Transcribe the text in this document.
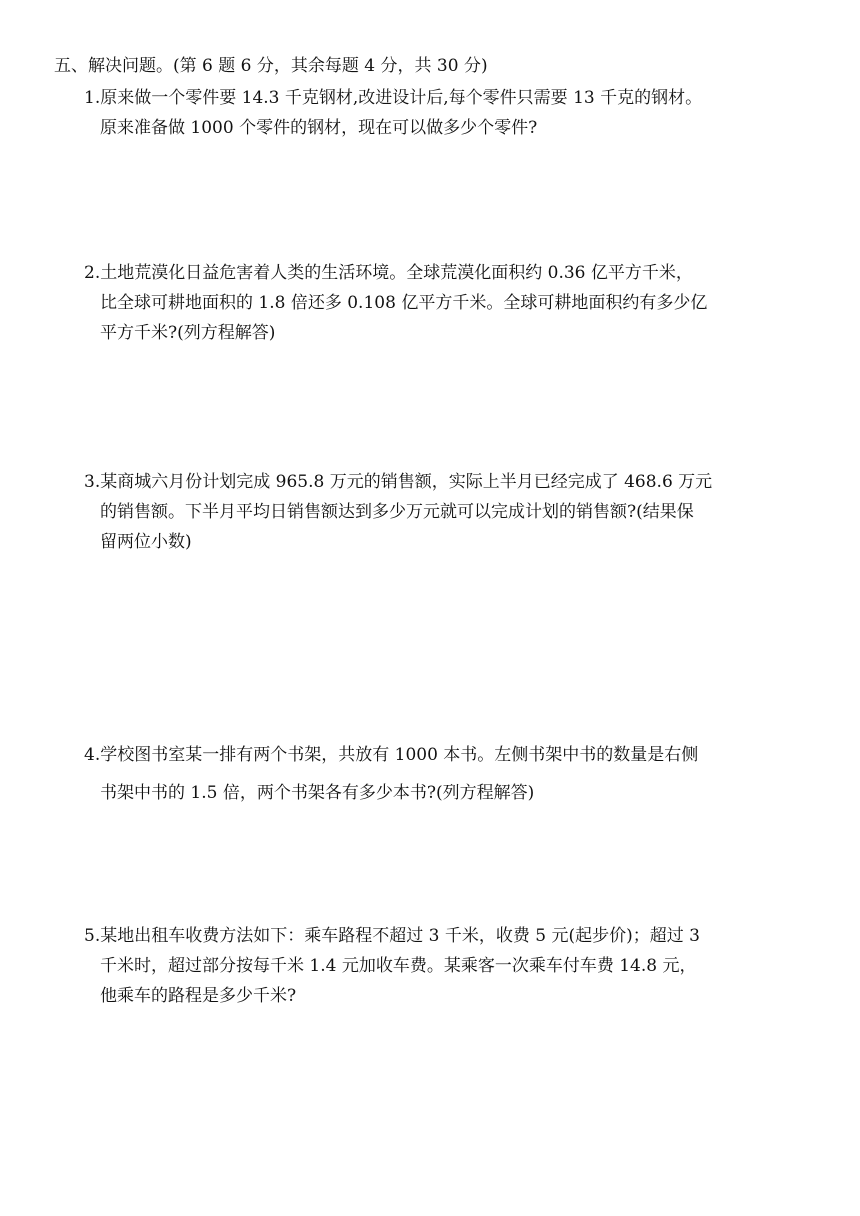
五、解决问题。(第 6 题 6 分，其余每题 4 分，共 30 分)
1.原来做一个零件要 14.3 千克钢材,改进设计后,每个零件只需要 13 千克的钢材。
原来准备做 1000 个零件的钢材，现在可以做多少个零件?
2.土地荒漠化日益危害着人类的生活环境。全球荒漠化面积约 0.36 亿平方千米，
比全球可耕地面积的 1.8 倍还多 0.108 亿平方千米。全球可耕地面积约有多少亿
平方千米?(列方程解答)
3.某商城六月份计划完成 965.8 万元的销售额，实际上半月已经完成了 468.6 万元
的销售额。下半月平均日销售额达到多少万元就可以完成计划的销售额?(结果保
留两位小数)
4.学校图书室某一排有两个书架，共放有 1000 本书。左侧书架中书的数量是右侧
书架中书的 1.5 倍，两个书架各有多少本书?(列方程解答)
5.某地出租车收费方法如下：乘车路程不超过 3 千米，收费 5 元(起步价)；超过 3
千米时，超过部分按每千米 1.4 元加收车费。某乘客一次乘车付车费 14.8 元，
他乘车的路程是多少千米?
